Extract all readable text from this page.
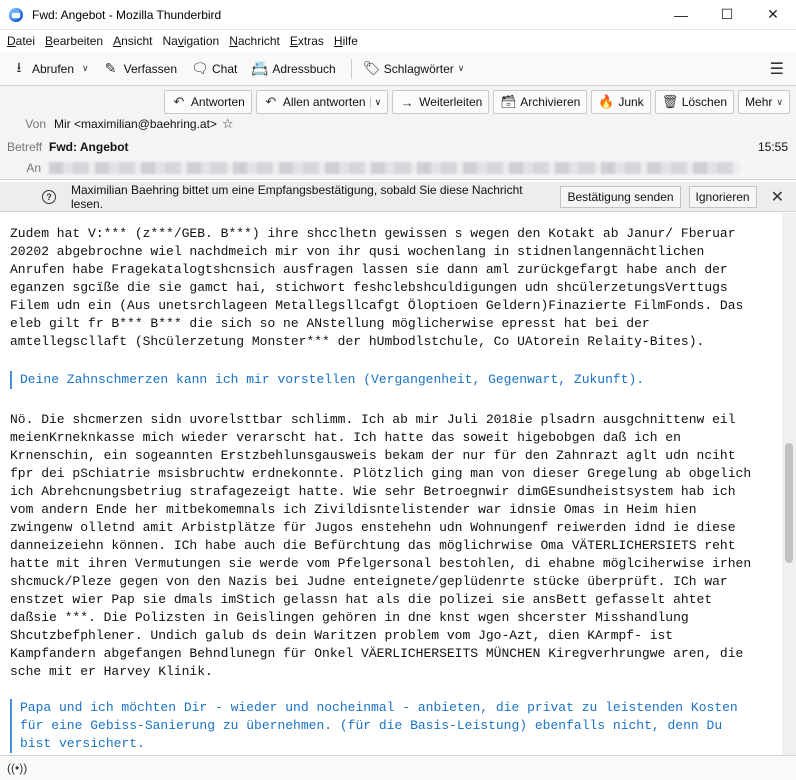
Fwd: Angebot - Mozilla Thunderbird	—	☐	✕
Datei Bearbeiten Ansicht Navigation Nachricht Extras Hilfe
⭳ Abrufen ∨ ✎ Verfassen 🗨 Chat 📇 Adressbuch 🏷 Schlagwörter ∨	☰
↶ Antworten ↶ Allen antworten	∨ → Weiterleiten 🗃 Archivieren 🔥 Junk 🗑 Löschen Mehr ∨
Von Mir <maximilian@baehring.at> ☆
Betreff Fwd: Angebot
An
15:55
?	Maximilian Baehring bittet um eine Empfangsbestätigung, sobald Sie diese Nachricht lesen.	Bestätigung senden	Ignorieren	✕
Zudem hat V:*** (z***/GEB. B***) ihre shcclhetn gewissen s wegen den Kotakt ab Janur/ Fberuar
20202 abgebrochne wiel nachdmeich mir von ihr qusi wochenlang in stidnenlangennächtlichen
Anrufen habe Fragekatalogtshcnsich ausfragen lassen sie dann aml zurückgefargt habe anch der
eganzen sgcïße die sie gamct hai, stichwort feshclebshculdigungen udn shcülerzetungsVerttugs
Filem udn ein (Aus unetsrchlageen Metallegsllcafgt Öloptioen Geldern)Finazierte FilmFonds. Das
eleb gilt fr B*** B*** die sich so ne ANstellung möglicherwise epresst hat bei der
amtellegscllaft (Shcülerzetung Monster*** der hUmbodlstchule, Co UAtorein Relaity-Bites).
Deine Zahnschmerzen kann ich mir vorstellen (Vergangenheit, Gegenwart, Zukunft).
Nö. Die shcmerzen sidn uvorelsttbar schlimm. Ich ab mir Juli 2018ie plsadrn ausgchnittenw eil
meienKrneknkasse mich wieder verarscht hat. Ich hatte das soweit higebobgen daß ich en
Krnenschin, ein sogeannten Erstzbehlunsgausweis bekam der nur für den Zahnrazt aglt udn nciht
fpr dei pSchiatrie msisbruchtw erdnekonnte. Plötzlich ging man von dieser Gregelung ab obgelich
ich Abrehcnungsbetriug strafagezeigt hatte. Wie sehr Betroegnwir dimGEsundheistsystem hab ich
vom andern Ende her mitbekomemnals ich Zivildisntelistender war idnsie Omas in Heim hien
zwingenw olletnd amit Arbistplätze für Jugos enstehehn udn Wohnungenf reiwerden idnd ie diese
danneizeiehn können. ICh habe auch die Befürchtung das möglichrwise Oma VÄTERLICHERSIETS reht
hatte mit ihren Vermutungen sie werde vom Pfelgersonal bestohlen, di ehabne möglciherwise irhen
shcmuck/Pleze gegen von den Nazis bei Judne enteignete/geplüdenrte stücke überprüft. ICh war
enstzet wier Pap sie dmals imStich gelassn hat als die polizei sie ansBett gefasselt ahtet
daßsie ***. Die Polizsten in Geislingen gehören in dne knst wgen shcerster Misshandlung
Shcutzbefphlener. Undich galub ds dein Waritzen problem vom Jgo-Azt, dien KArmpf- ist
Kampfandern abgefangen Behndlunegn für Onkel VÄERLICHERSEITS MÜNCHEN Kiregverhrungwe aren, die
sche mit er Harvey Klinik.
Papa und ich möchten Dir - wieder und nocheinmal - anbieten, die privat zu leistenden Kosten
für eine Gebiss-Sanierung zu übernehmen. (für die Basis-Leistung) ebenfalls nicht, denn Du
bist versichert.
((•))
